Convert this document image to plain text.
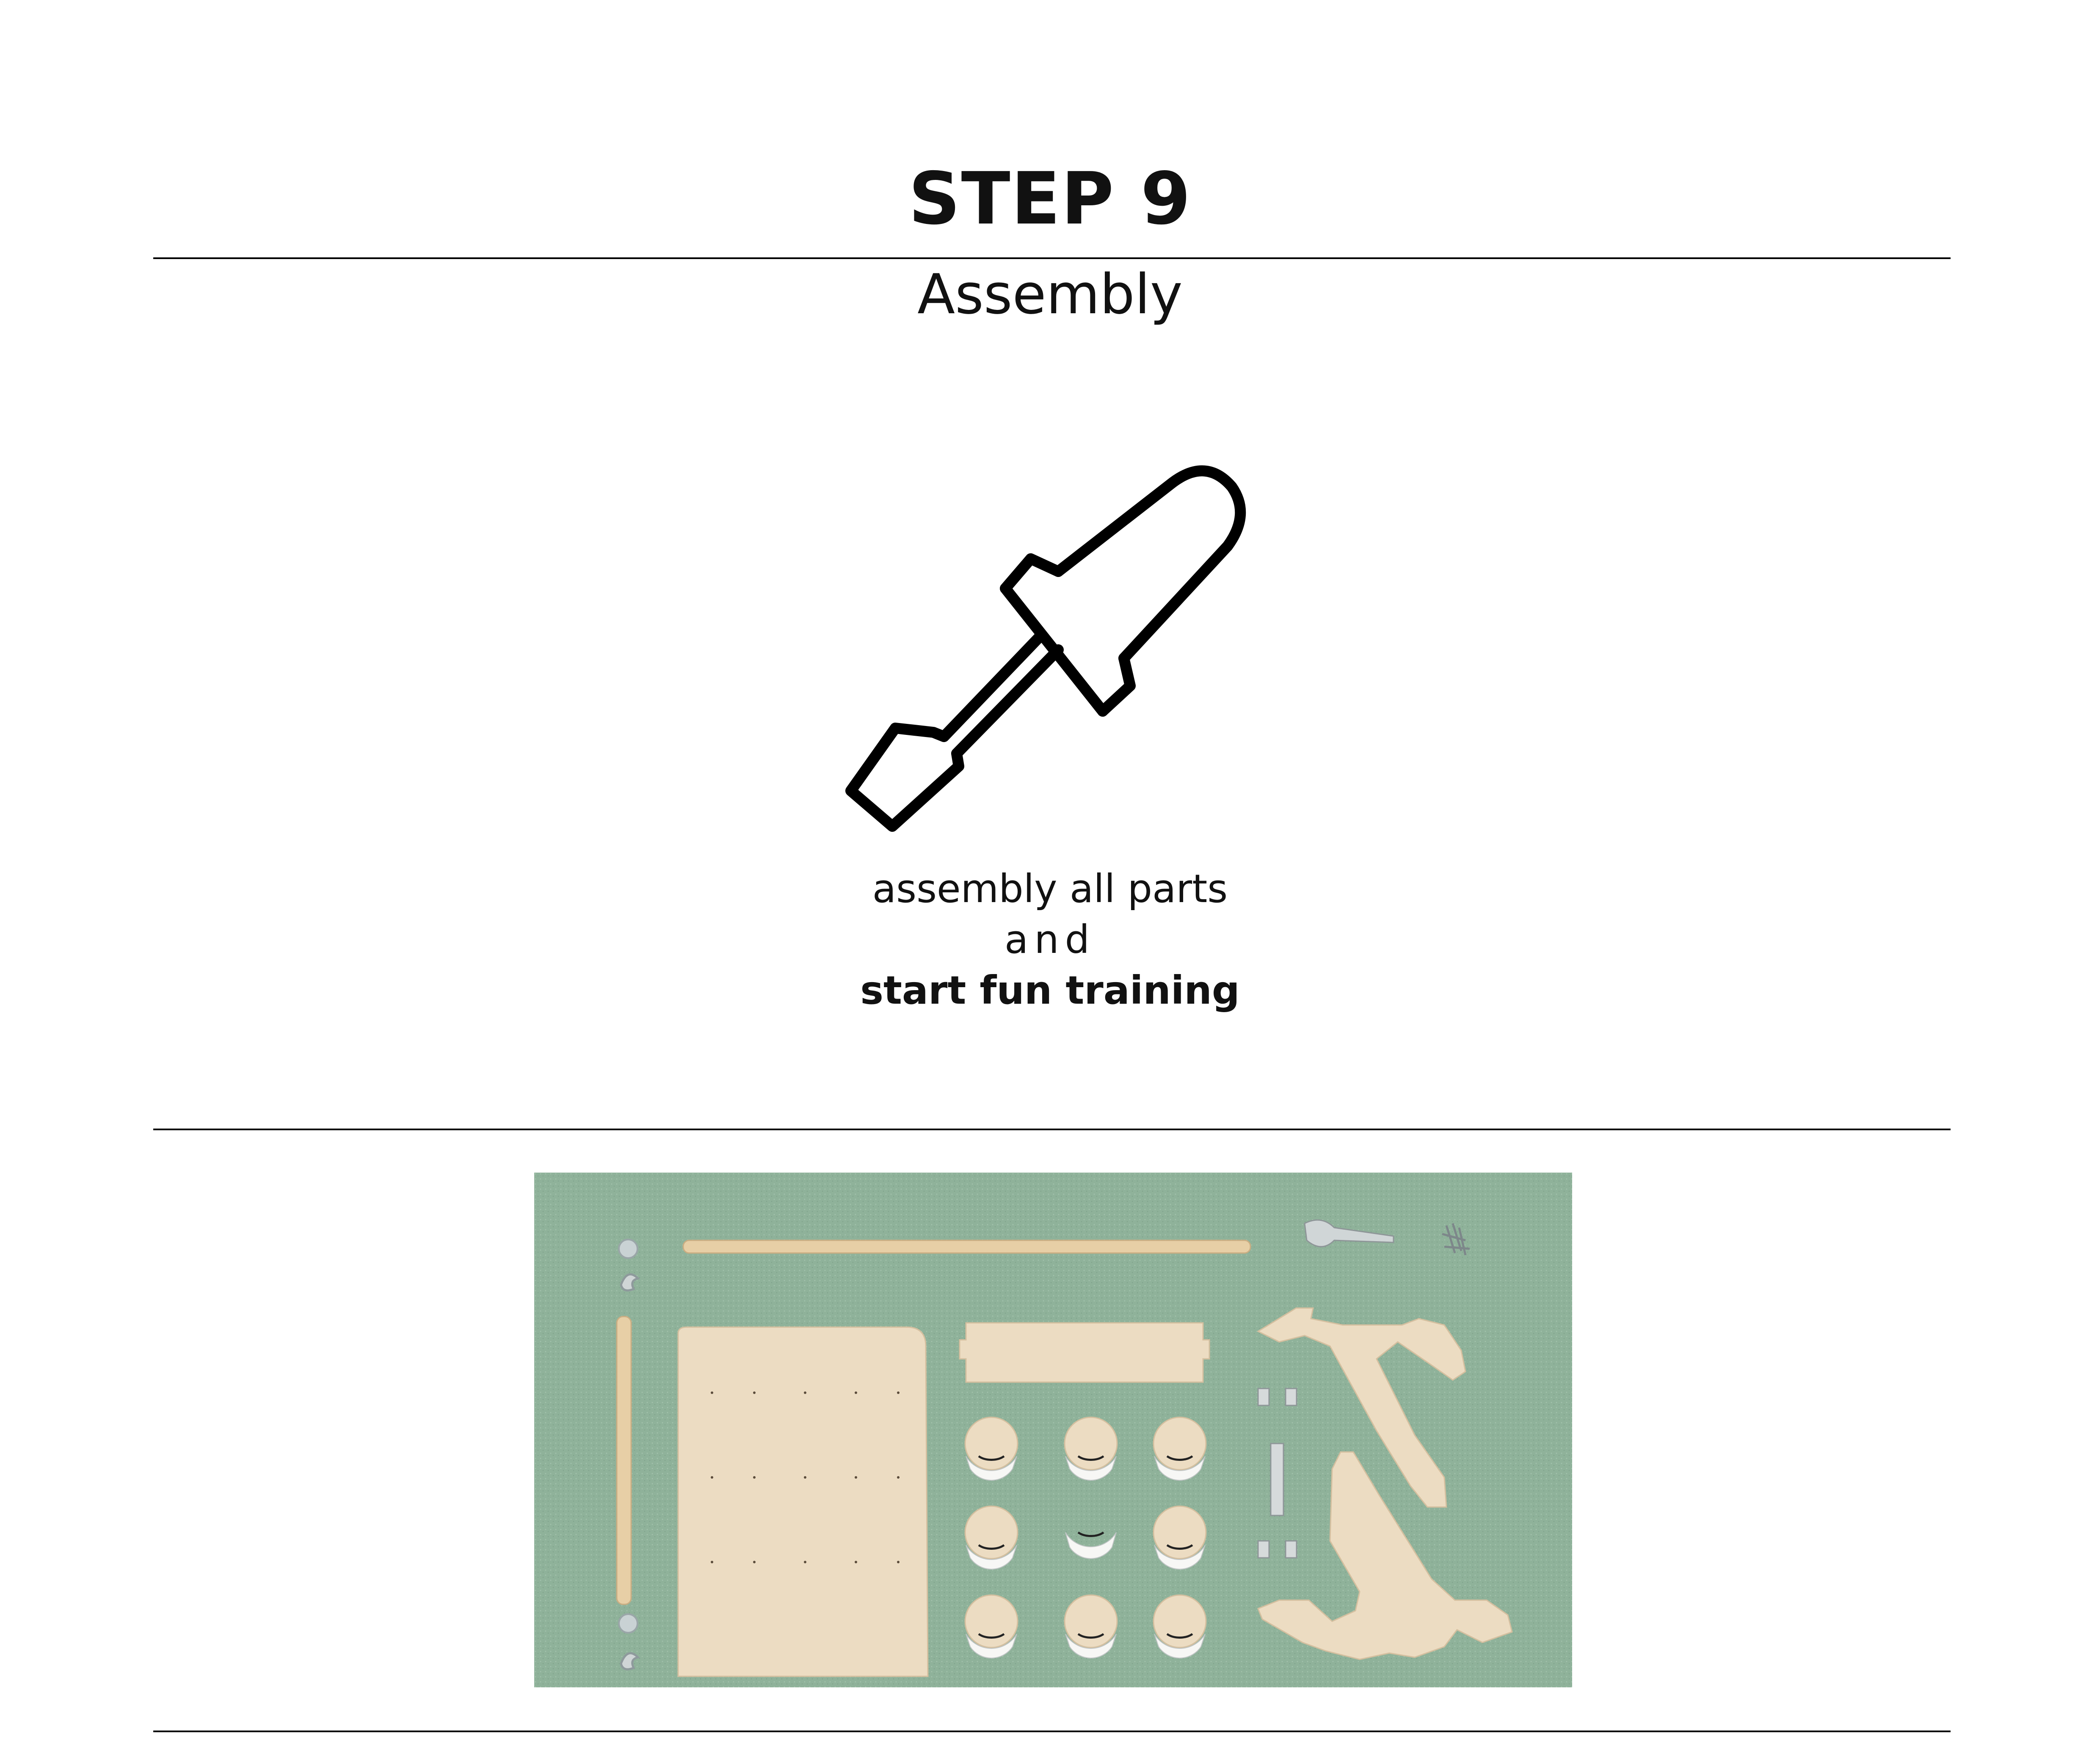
STEP 9
Assembly
assembly all parts
and
start fun training
